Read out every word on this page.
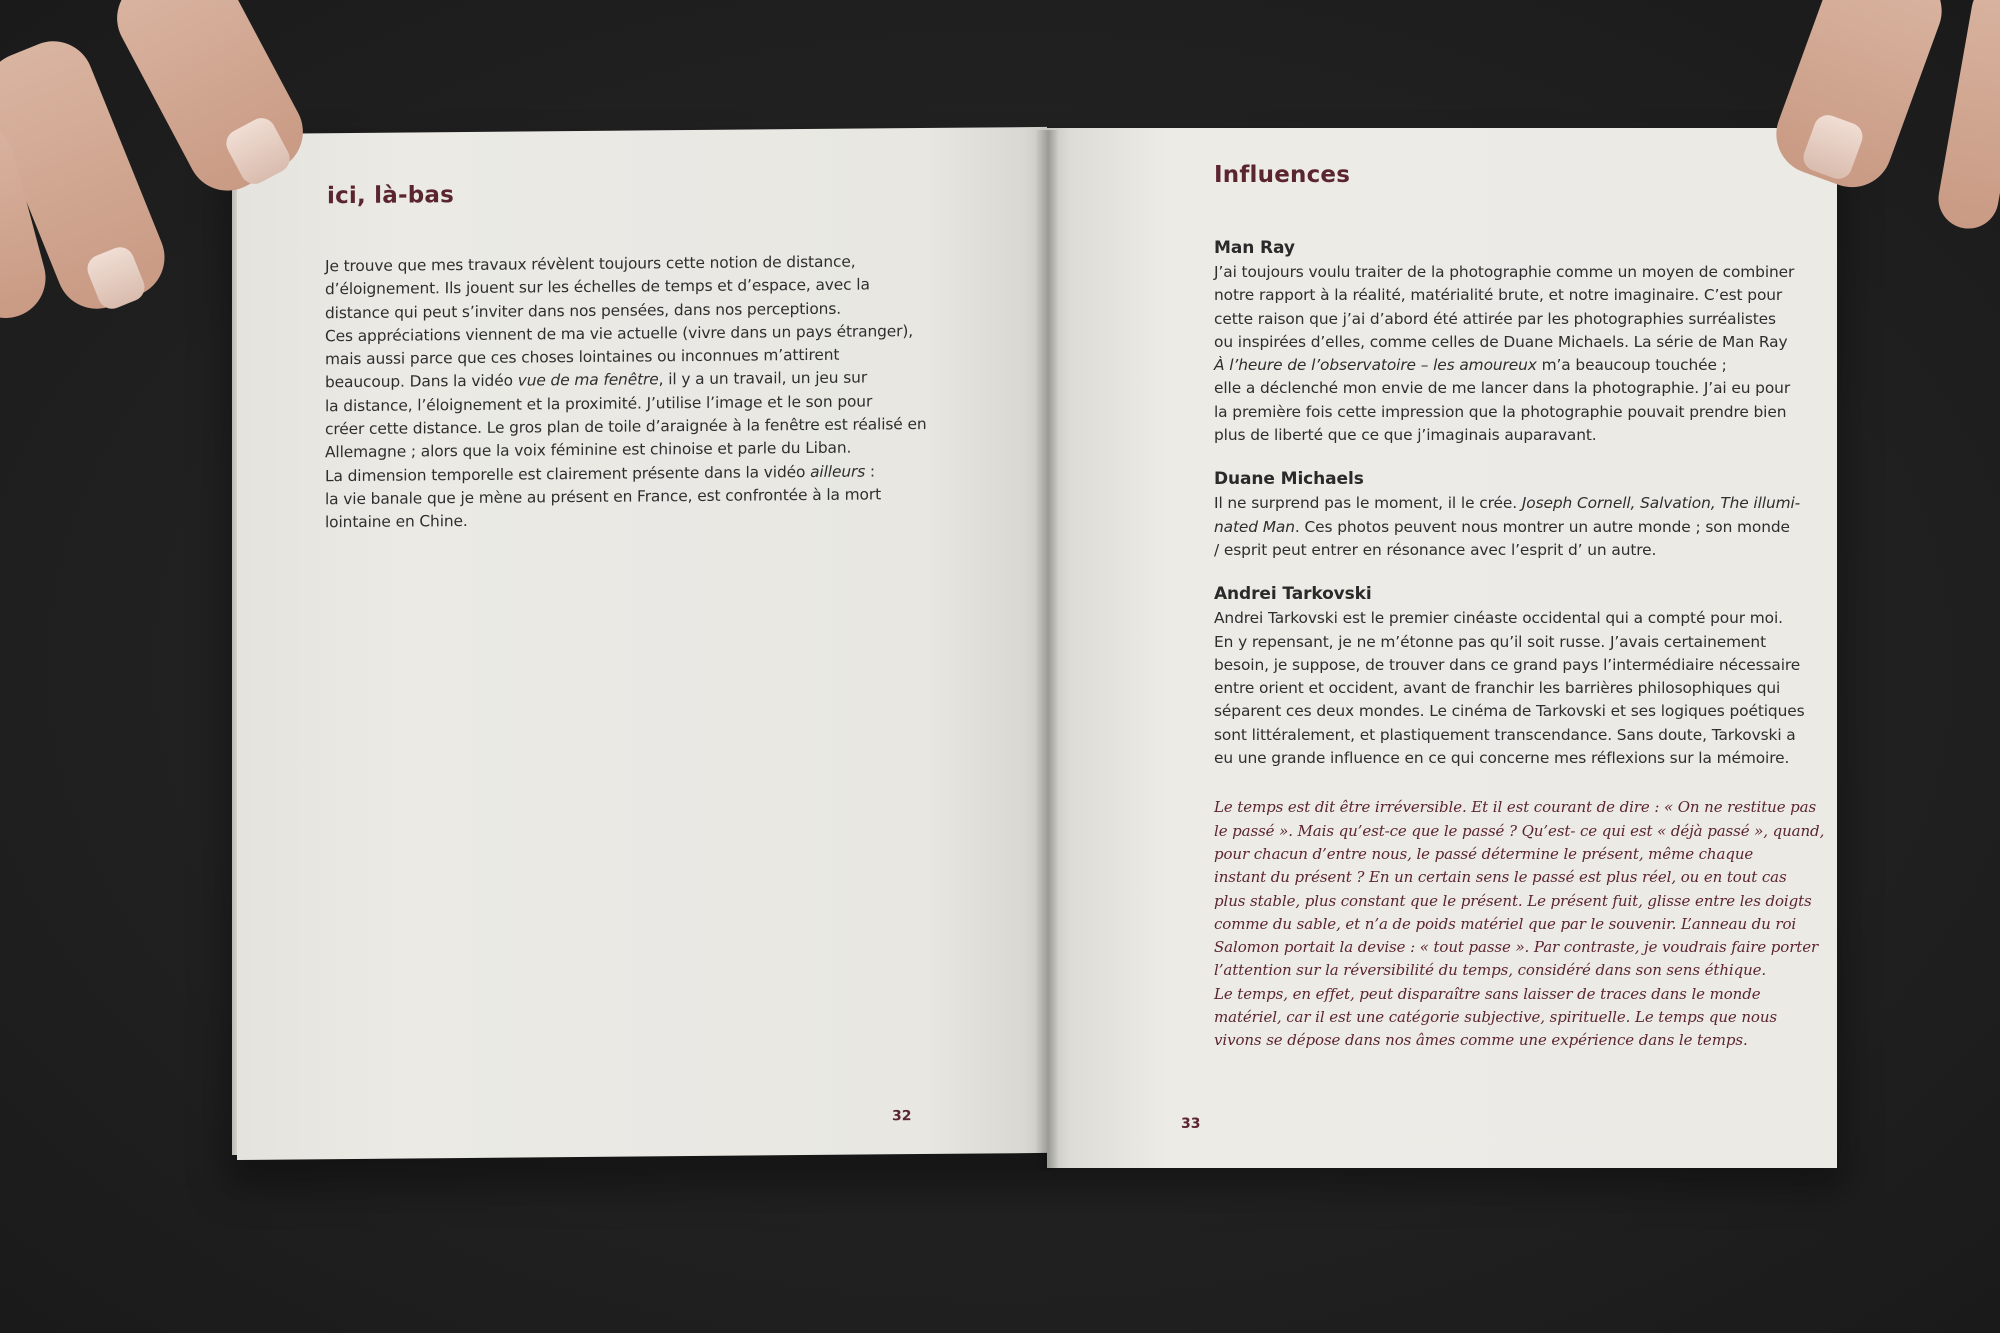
ici, là-bas
Je trouve que mes travaux révèlent toujours cette notion de distance,
d’éloignement. Ils jouent sur les échelles de temps et d’espace, avec la
distance qui peut s’inviter dans nos pensées, dans nos perceptions.
Ces appréciations viennent de ma vie actuelle (vivre dans un pays étranger),
mais aussi parce que ces choses lointaines ou inconnues m’attirent
beaucoup. Dans la vidéo vue de ma fenêtre, il y a un travail, un jeu sur
la distance, l’éloignement et la proximité. J’utilise l’image et le son pour
créer cette distance. Le gros plan de toile d’araignée à la fenêtre est réalisé en
Allemagne ; alors que la voix féminine est chinoise et parle du Liban.
La dimension temporelle est clairement présente dans la vidéo ailleurs :
la vie banale que je mène au présent en France, est confrontée à la mort
lointaine en Chine.
32
Influences
Man Ray
J’ai toujours voulu traiter de la photographie comme un moyen de combiner
notre rapport à la réalité, matérialité brute, et notre imaginaire. C’est pour
cette raison que j’ai d’abord été attirée par les photographies surréalistes
ou inspirées d’elles, comme celles de Duane Michaels. La série de Man Ray
À l’heure de l’observatoire – les amoureux m’a beaucoup touchée ;
elle a déclenché mon envie de me lancer dans la photographie. J’ai eu pour
la première fois cette impression que la photographie pouvait prendre bien
plus de liberté que ce que j’imaginais auparavant.
Duane Michaels
Il ne surprend pas le moment, il le crée. Joseph Cornell, Salvation, The illumi-
nated Man. Ces photos peuvent nous montrer un autre monde ; son monde
/ esprit peut entrer en résonance avec l’esprit d’ un autre.
Andrei Tarkovski
Andrei Tarkovski est le premier cinéaste occidental qui a compté pour moi.
En y repensant, je ne m’étonne pas qu’il soit russe. J’avais certainement
besoin, je suppose, de trouver dans ce grand pays l’intermédiaire nécessaire
entre orient et occident, avant de franchir les barrières philosophiques qui
séparent ces deux mondes. Le cinéma de Tarkovski et ses logiques poétiques
sont littéralement, et plastiquement transcendance. Sans doute, Tarkovski a
eu une grande influence en ce qui concerne mes réflexions sur la mémoire.
Le temps est dit être irréversible. Et il est courant de dire : « On ne restitue pas
le passé ». Mais qu’est-ce que le passé ? Qu’est- ce qui est « déjà passé », quand,
pour chacun d’entre nous, le passé détermine le présent, même chaque
instant du présent ? En un certain sens le passé est plus réel, ou en tout cas
plus stable, plus constant que le présent. Le présent fuit, glisse entre les doigts
comme du sable, et n’a de poids matériel que par le souvenir. L’anneau du roi
Salomon portait la devise : « tout passe ». Par contraste, je voudrais faire porter
l’attention sur la réversibilité du temps, considéré dans son sens éthique.
Le temps, en effet, peut disparaître sans laisser de traces dans le monde
matériel, car il est une catégorie subjective, spirituelle. Le temps que nous
vivons se dépose dans nos âmes comme une expérience dans le temps.
33
